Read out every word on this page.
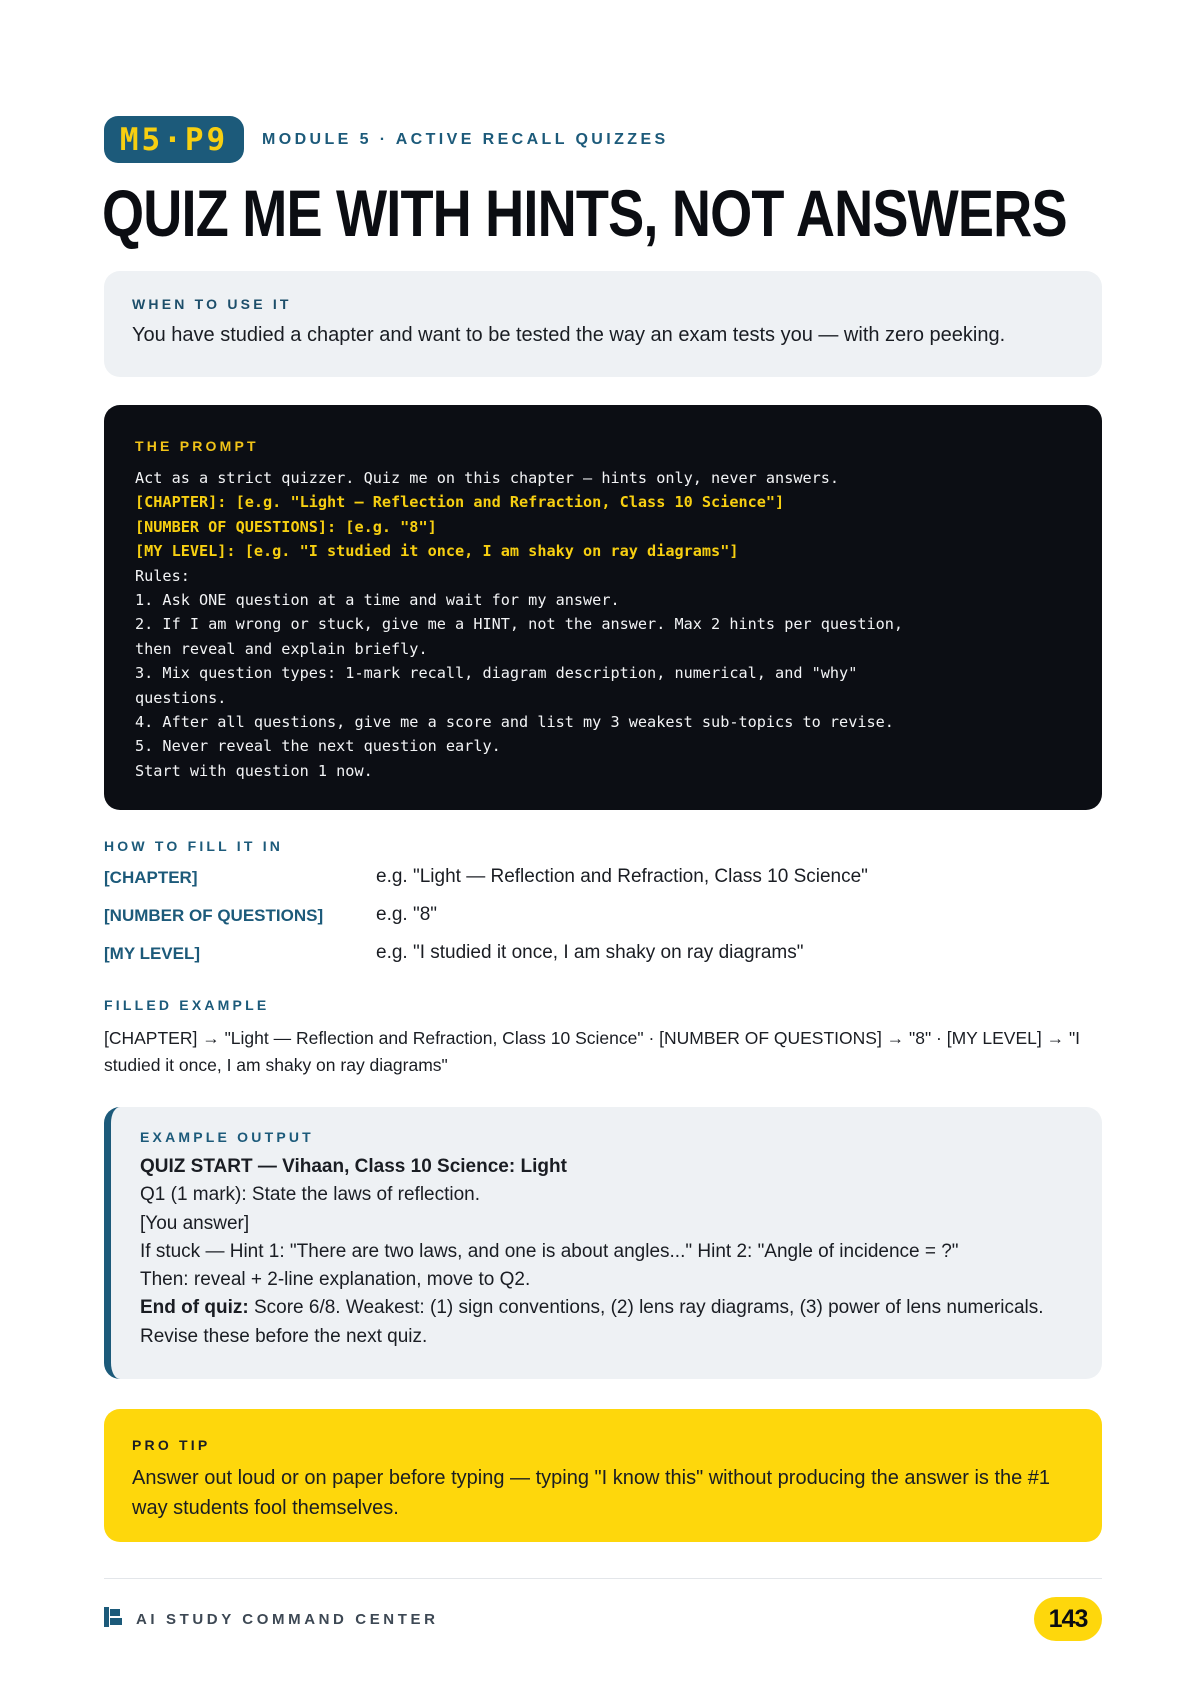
M5·P9	MODULE 5 · ACTIVE RECALL QUIZZES
QUIZ ME WITH HINTS, NOT ANSWERS
WHEN TO USE IT
You have studied a chapter and want to be tested the way an exam tests you — with zero peeking.
THE PROMPT
Act as a strict quizzer. Quiz me on this chapter – hints only, never answers.
[CHAPTER]: [e.g. "Light – Reflection and Refraction, Class 10 Science"]
[NUMBER OF QUESTIONS]: [e.g. "8"]
[MY LEVEL]: [e.g. "I studied it once, I am shaky on ray diagrams"]
Rules:
1. Ask ONE question at a time and wait for my answer.
2. If I am wrong or stuck, give me a HINT, not the answer. Max 2 hints per question,
then reveal and explain briefly.
3. Mix question types: 1-mark recall, diagram description, numerical, and "why"
questions.
4. After all questions, give me a score and list my 3 weakest sub-topics to revise.
5. Never reveal the next question early.
Start with question 1 now.
HOW TO FILL IT IN
[CHAPTER]	e.g. "Light — Reflection and Refraction, Class 10 Science"
[NUMBER OF QUESTIONS]	e.g. "8"
[MY LEVEL]	e.g. "I studied it once, I am shaky on ray diagrams"
FILLED EXAMPLE
[CHAPTER] → "Light — Reflection and Refraction, Class 10 Science" · [NUMBER OF QUESTIONS] → "8" · [MY LEVEL] → "I studied it once, I am shaky on ray diagrams"
EXAMPLE OUTPUT
QUIZ START — Vihaan, Class 10 Science: Light
Q1 (1 mark): State the laws of reflection.
[You answer]
If stuck — Hint 1: "There are two laws, and one is about angles..." Hint 2: "Angle of incidence = ?"
Then: reveal + 2-line explanation, move to Q2.
End of quiz: Score 6/8. Weakest: (1) sign conventions, (2) lens ray diagrams, (3) power of lens numericals. Revise these before the next quiz.
PRO TIP
Answer out loud or on paper before typing — typing "I know this" without producing the answer is the #1 way students fool themselves.
AI STUDY COMMAND CENTER	143
